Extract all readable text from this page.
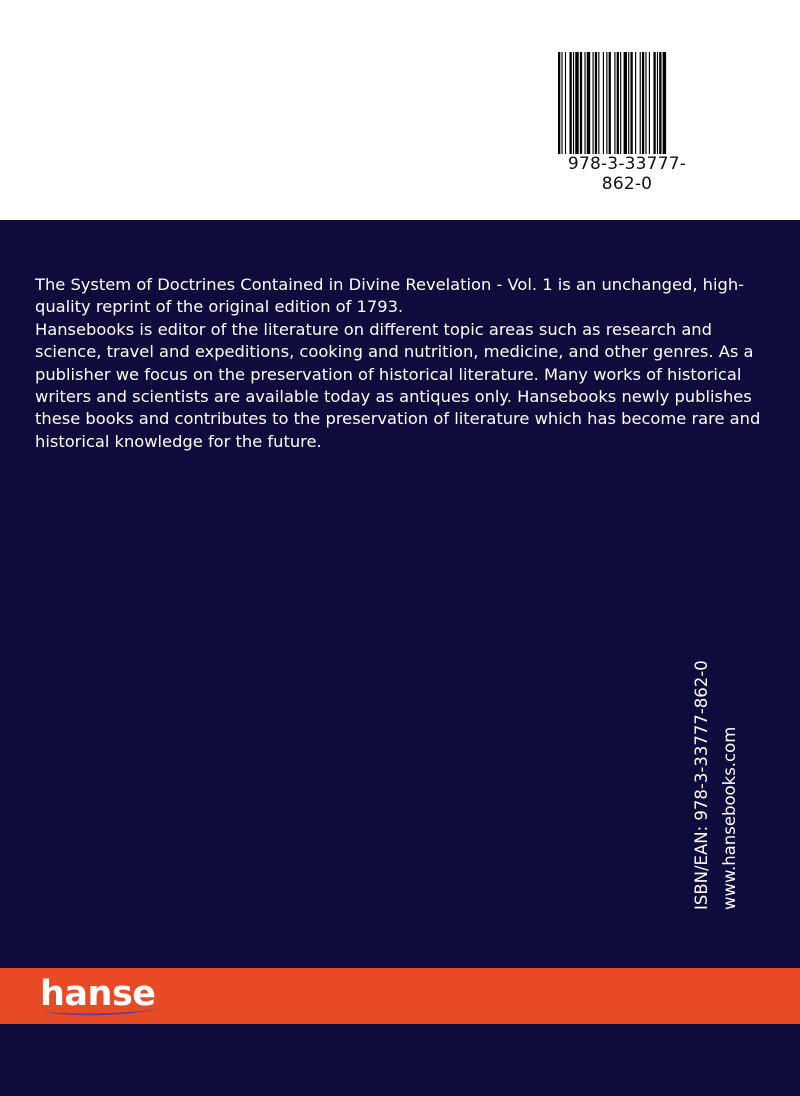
978-3-33777-862-0

The System of Doctrines Contained in Divine Revelation - Vol. 1 is an unchanged, high-quality reprint of the original edition of 1793.

Hansebooks is editor of the literature on different topic areas such as research and science, travel and expeditions, cooking and nutrition, medicine, and other genres. As a publisher we focus on the preservation of historical literature. Many works of historical writers and scientists are available today as antiques only. Hansebooks newly publishes these books and contributes to the preservation of literature which has become rare and historical knowledge for the future.

ISBN/EAN: 978-3-33777-862-0 www.hansebooks.com
hanse
